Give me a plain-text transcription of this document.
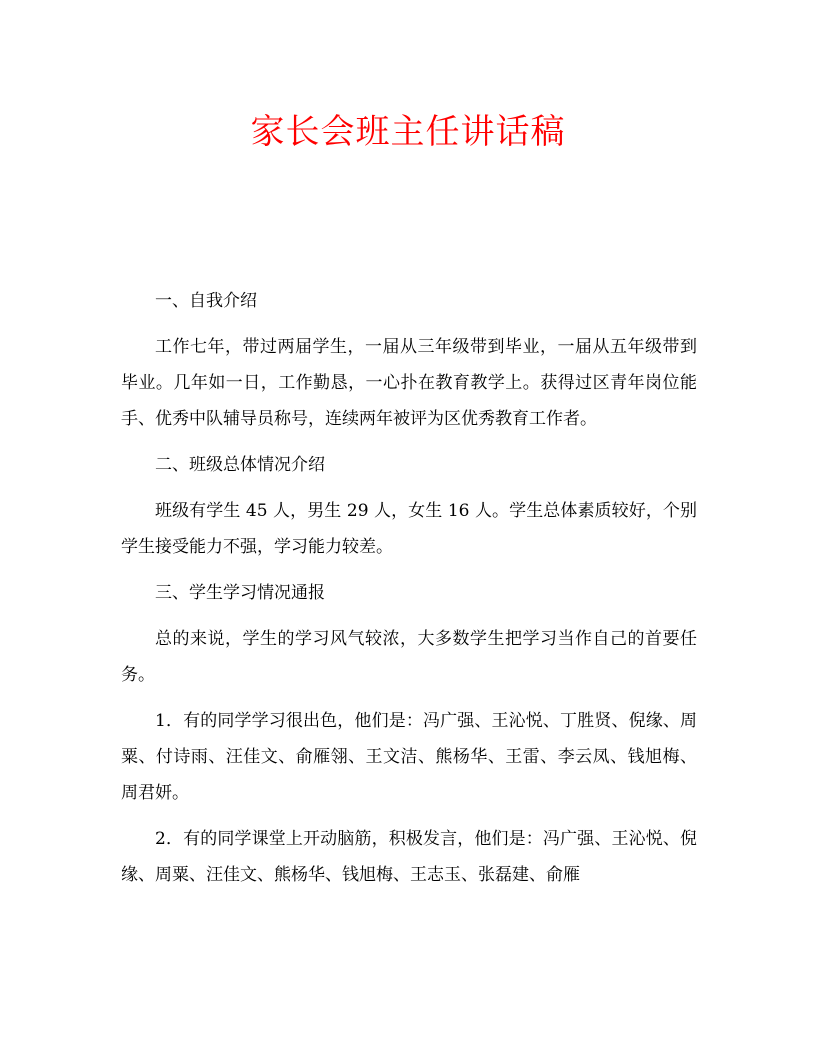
家长会班主任讲话稿

一、自我介绍

工作七年，带过两届学生，一届从三年级带到毕业，一届从五年级带到毕业。几年如一日，工作勤恳，一心扑在教育教学上。获得过区青年岗位能手、优秀中队辅导员称号，连续两年被评为区优秀教育工作者。

二、班级总体情况介绍

班级有学生 45 人，男生 29 人，女生 16 人。学生总体素质较好，个别学生接受能力不强，学习能力较差。

三、学生学习情况通报

总的来说，学生的学习风气较浓，大多数学生把学习当作自己的首要任务。

1．有的同学学习很出色，他们是：冯广强、王沁悦、丁胜贤、倪缘、周粟、付诗雨、汪佳文、俞雁翎、王文洁、熊杨华、王雷、李云凤、钱旭梅、周君妍。

2．有的同学课堂上开动脑筋，积极发言，他们是：冯广强、王沁悦、倪缘、周粟、汪佳文、熊杨华、钱旭梅、王志玉、张磊建、俞雁
